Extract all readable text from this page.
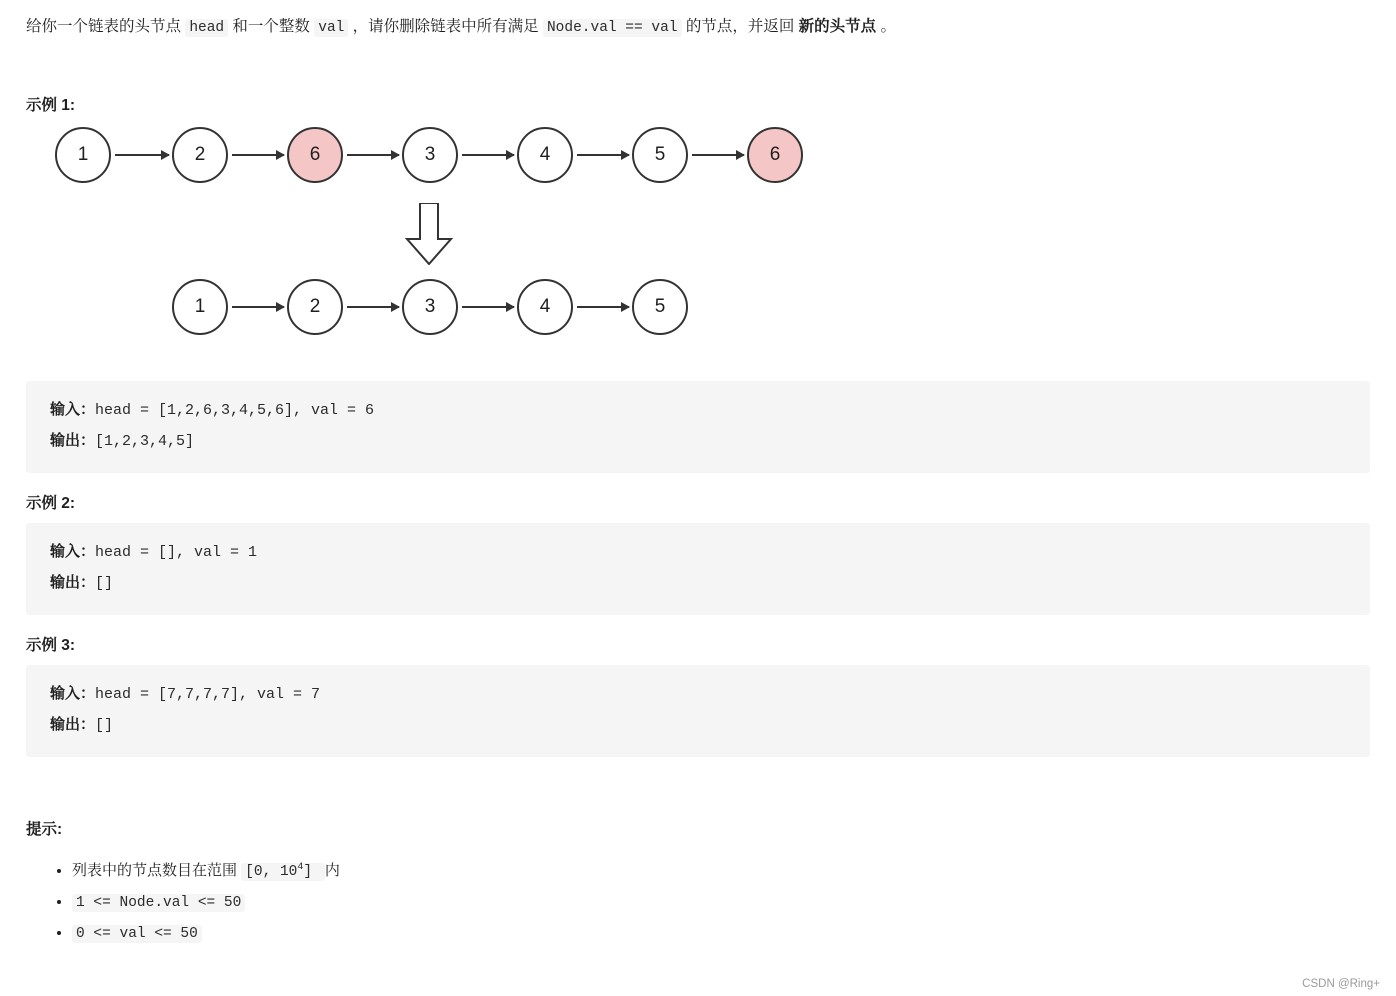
给你一个链表的头节点 head 和一个整数 val ，请你删除链表中所有满足 Node.val == val 的节点，并返回 新的头节点 。

示例 1:

1	2	6	3	4	5	6
1	2	3	4	5
输入：head = [1,2,6,3,4,5,6], val = 6
输出：[1,2,3,4,5]

示例 2:

输入：head = [], val = 1
输出：[]

示例 3:

输入：head = [7,7,7,7], val = 7
输出：[]

提示:

• 列表中的节点数目在范围 [0, $10^4$] 内
• 1 <= Node.val <= 50
• 0 <= val <= 50
CSDN @Ring+
